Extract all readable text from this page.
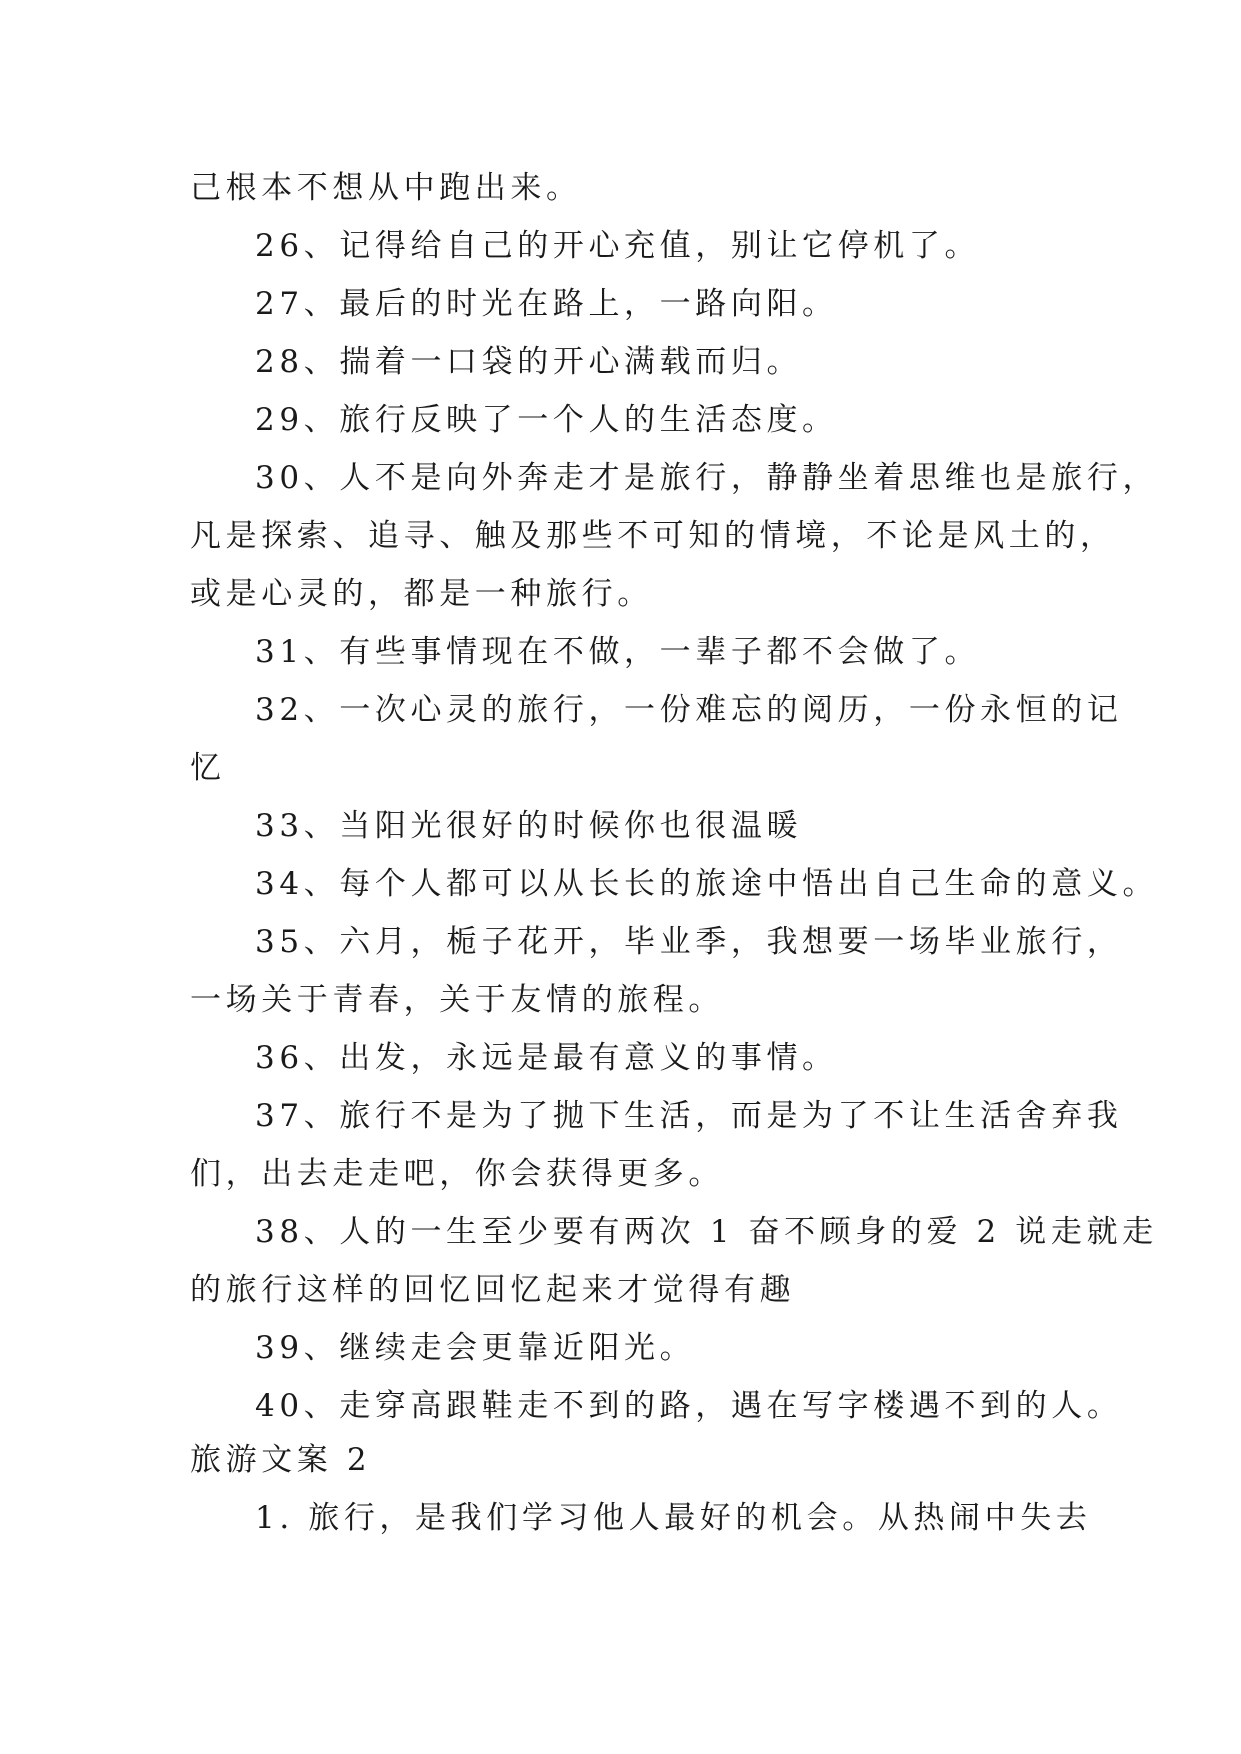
己根本不想从中跑出来。
26、记得给自己的开心充值，别让它停机了。
27、最后的时光在路上，一路向阳。
28、揣着一口袋的开心满载而归。
29、旅行反映了一个人的生活态度。
30、人不是向外奔走才是旅行，静静坐着思维也是旅行，
凡是探索、追寻、触及那些不可知的情境，不论是风土的，
或是心灵的，都是一种旅行。
31、有些事情现在不做，一辈子都不会做了。
32、一次心灵的旅行，一份难忘的阅历，一份永恒的记
忆
33、当阳光很好的时候你也很温暖
34、每个人都可以从长长的旅途中悟出自己生命的意义。
35、六月，栀子花开，毕业季，我想要一场毕业旅行，
一场关于青春，关于友情的旅程。
36、出发，永远是最有意义的事情。
37、旅行不是为了抛下生活，而是为了不让生活舍弃我
们，出去走走吧，你会获得更多。
38、人的一生至少要有两次 1 奋不顾身的爱 2 说走就走
的旅行这样的回忆回忆起来才觉得有趣
39、继续走会更靠近阳光。
40、走穿高跟鞋走不到的路，遇在写字楼遇不到的人。
旅游文案 2
1. 旅行，是我们学习他人最好的机会。从热闹中失去
